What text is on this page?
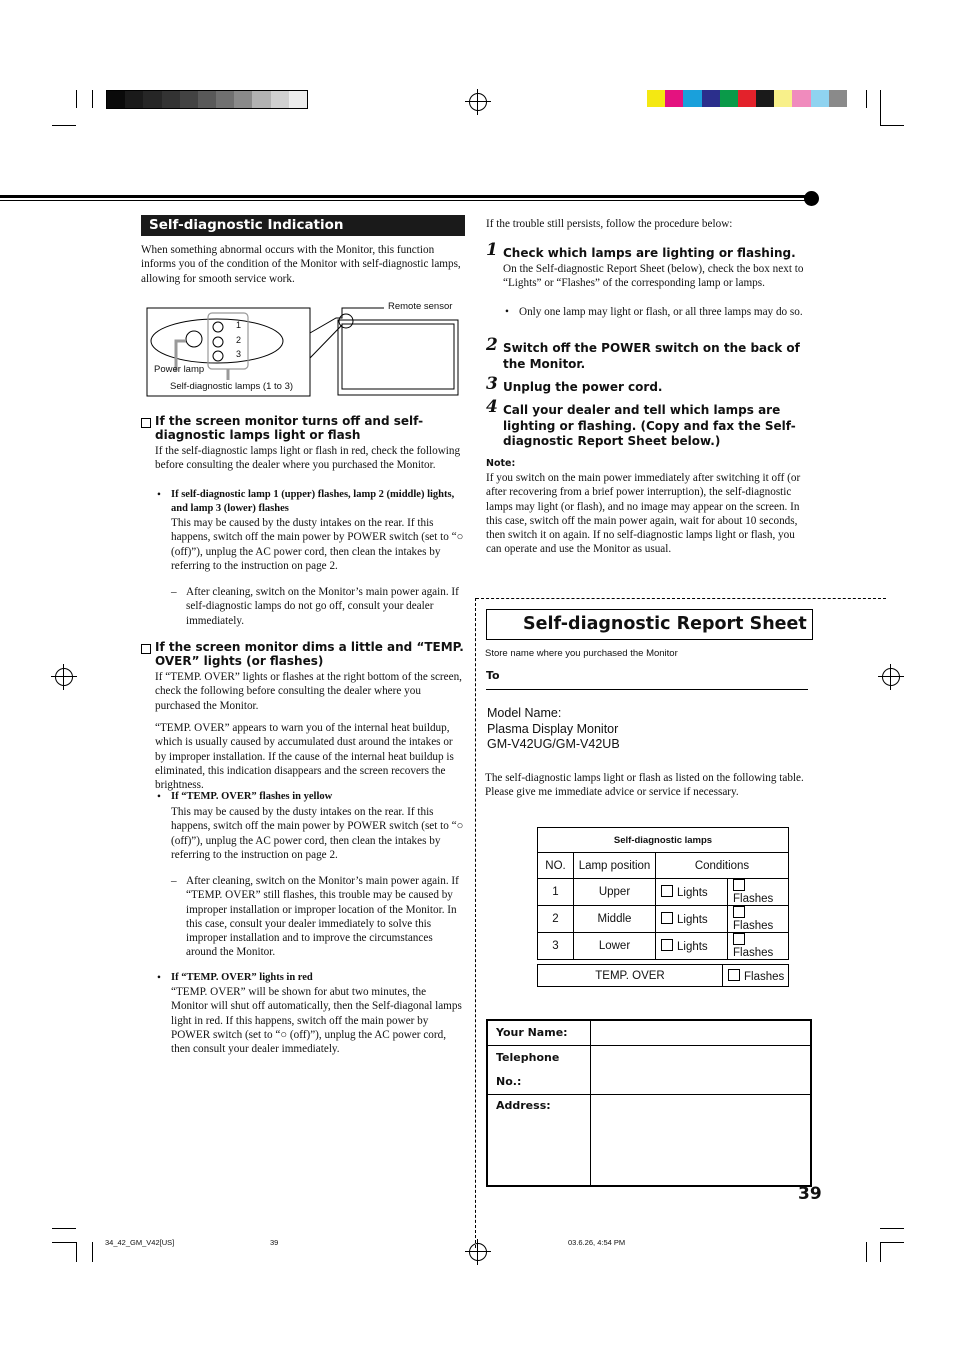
Self-diagnostic Indication
When something abnormal occurs with the Monitor, this function informs you of the condition of the Monitor with self-diagnostic lamps, allowing for smooth service work.
Remote sensor
1
2
3
Power lamp
Self-diagnostic lamps (1 to 3)
If the screen monitor turns off and self-diagnostic lamps light or flash
If the self-diagnostic lamps light or flash in red, check the following before consulting the dealer where you purchased the Monitor.
• If self-diagnostic lamp 1 (upper) flashes, lamp 2 (middle) lights, and lamp 3 (lower) flashes
This may be caused by the dusty intakes on the rear. If this happens, switch off the main power by POWER switch (set to “○ (off)”), unplug the AC power cord, then clean the intakes by referring to the instruction on page 2.
– After cleaning, switch on the Monitor’s main power again. If self-diagnostic lamps do not go off, consult your dealer immediately.
If the screen monitor dims a little and “TEMP. OVER” lights (or flashes)
If “TEMP. OVER” lights or flashes at the right bottom of the screen, check the following before consulting the dealer where you purchased the Monitor.
“TEMP. OVER” appears to warn you of the internal heat buildup, which is usually caused by accumulated dust around the intakes or by improper installation. If the cause of the internal heat buildup is eliminated, this indication disappears and the screen recovers the brightness.
• If “TEMP. OVER” flashes in yellow
This may be caused by the dusty intakes on the rear. If this happens, switch off the main power by POWER switch (set to “○ (off)”), unplug the AC power cord, then clean the intakes by referring to the instruction on page 2.
– After cleaning, switch on the Monitor’s main power again. If “TEMP. OVER” still flashes, this trouble may be caused by improper installation or improper location of the Monitor. In this case, consult your dealer immediately to solve this improper installation and to improve the circumstances around the Monitor.
• If “TEMP. OVER” lights in red
“TEMP. OVER” will be shown for abut two minutes, the Monitor will shut off automatically, then the Self-diagonal lamps light in red. If this happens, switch off the main power by POWER switch (set to “○ (off)”), unplug the AC power cord, then consult your dealer immediately.
If the trouble still persists, follow the procedure below:
1 Check which lamps are lighting or flashing.
On the Self-diagnostic Report Sheet (below), check the box next to “Lights” or “Flashes” of the corresponding lamp or lamps.
• Only one lamp may light or flash, or all three lamps may do so.
2 Switch off the POWER switch on the back of the Monitor.
3 Unplug the power cord.
4 Call your dealer and tell which lamps are lighting or flashing. (Copy and fax the Self-diagnostic Report Sheet below.)
Note:
If you switch on the main power immediately after switching it off (or after recovering from a brief power interruption), the self-diagnostic lamps may light (or flash), and no image may appear on the screen. In this case, switch off the main power again, wait for about 10 seconds, then switch it on again. If no self-diagnostic lamps light or flash, you can operate and use the Monitor as usual.
Self-diagnostic Report Sheet
Store name where you purchased the Monitor
To
Model Name:
Plasma Display Monitor
GM-V42UG/GM-V42UB
The self-diagnostic lamps light or flash as listed on the following table. Please give me immediate advice or service if necessary.
Self-diagnostic lamps			
NO.	Lamp position	Conditions	
1	Upper	Lights	Flashes
2	Middle	Lights	Flashes
3	Lower	Lights	Flashes
TEMP. OVER	Flashes
Your Name:	
Telephone No.:	
Address:	
39
34_42_GM_V42[US]	39	03.6.26, 4:54 PM
